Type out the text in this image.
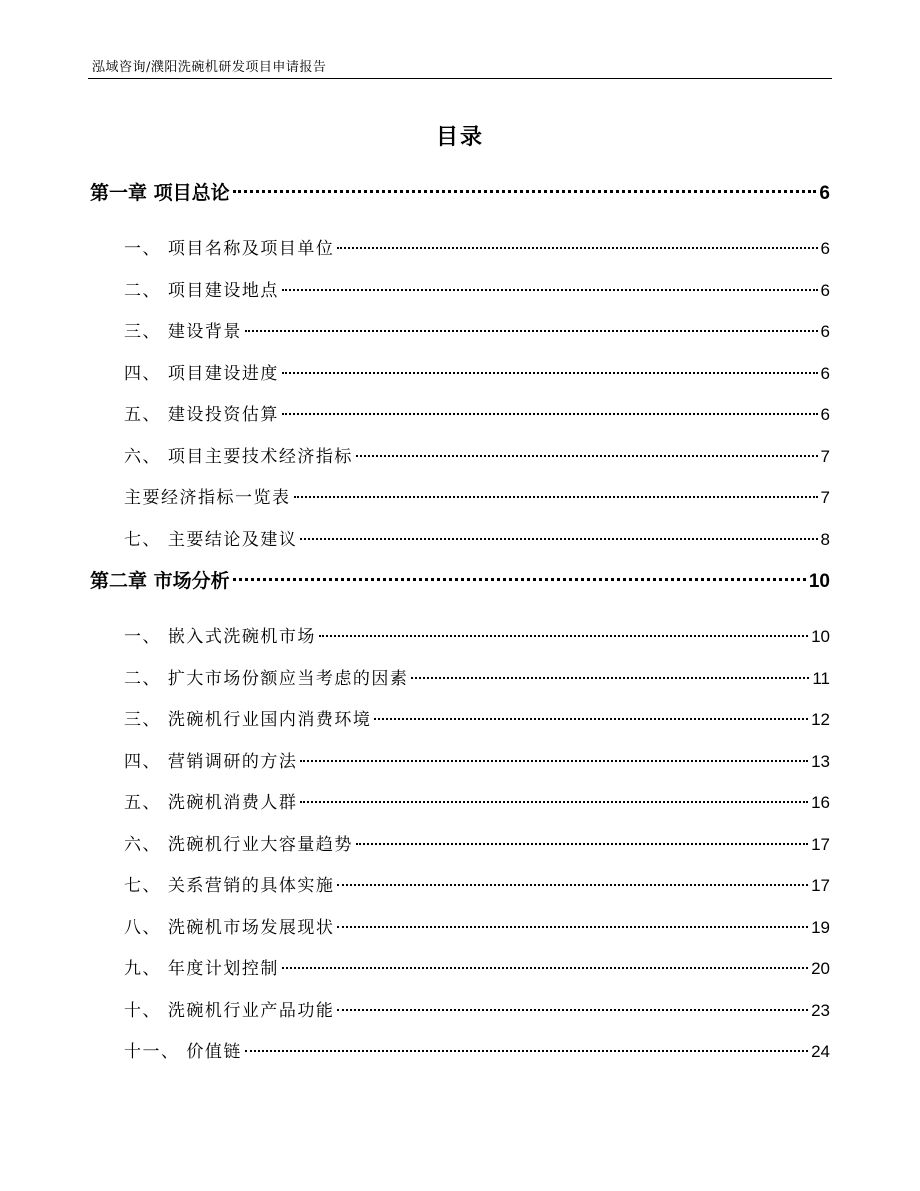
泓域咨询/濮阳洗碗机研发项目申请报告
目录
第一章 项目总论	6
一、 项目名称及项目单位	6
二、 项目建设地点	6
三、 建设背景	6
四、 项目建设进度	6
五、 建设投资估算	6
六、 项目主要技术经济指标	7
主要经济指标一览表	7
七、 主要结论及建议	8
第二章 市场分析	10
一、 嵌入式洗碗机市场	10
二、 扩大市场份额应当考虑的因素	11
三、 洗碗机行业国内消费环境	12
四、 营销调研的方法	13
五、 洗碗机消费人群	16
六、 洗碗机行业大容量趋势	17
七、 关系营销的具体实施	17
八、 洗碗机市场发展现状	19
九、 年度计划控制	20
十、 洗碗机行业产品功能	23
十一、 价值链	24
